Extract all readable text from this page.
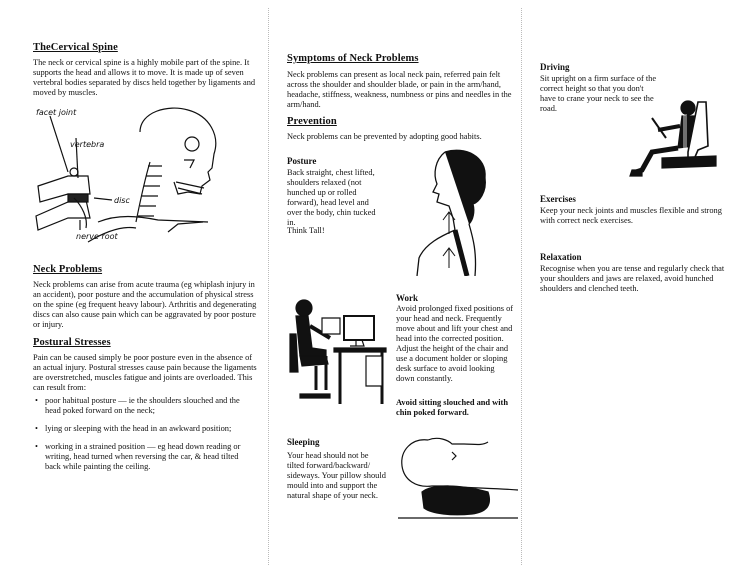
TheCervical Spine
The neck or cervical spine is a highly mobile part of the spine. It supports the head and allows it to move. It is made up of seven vertebral bodies separated by discs held together by ligaments and moved by muscles.
facet joint
vertebra
disc
nerve root
Neck Problems
Neck problems can arise from acute trauma (eg whiplash injury in an accident), poor posture and the accumulation of physical stress on the spine (eg frequent heavy labour). Arthritis and degenerating discs can also cause pain which can be aggravated by poor posture or injury.
Postural Stresses
Pain can be caused simply be poor posture even in the absence of an actual injury. Postural stresses cause pain because the ligaments are overstretched, muscles fatigue and joints are overloaded. This can result from:
• poor habitual posture — ie the shoulders slouched and the head poked forward on the neck;
• lying or sleeping with the head in an awkward position;
• working in a strained position — eg head down reading or writing, head turned when reversing the car, & head tilted back while painting the ceiling.
Symptoms of Neck Problems
Neck problems can present as local neck pain, referred pain felt across the shoulder and shoulder blade, or pain in the arm/hand, headache, stiffness, weakness, numbness or pins and needles in the arm/hand.
Prevention
Neck problems can be prevented by adopting good habits.
Posture
Back straight, chest lifted, shoulders relaxed (not hunched up or rolled forward), head level and over the body, chin tucked in.
Think Tall!
Work
Avoid prolonged fixed positions of your head and neck. Frequently move about and lift your chest and head into the corrected position. Adjust the height of the chair and use a document holder or sloping desk surface to avoid looking down constantly.
Avoid sitting slouched and with chin poked forward.
Sleeping
Your head should not be tilted forward/backward/ sideways. Your pillow should mould into and support the natural shape of your neck.
Driving
Sit upright on a firm surface of the correct height so that you don't have to crane your neck to see the road.
Exercises
Keep your neck joints and muscles flexible and strong with correct neck exercises.
Relaxation
Recognise when you are tense and regularly check that your shoulders and jaws are relaxed, avoid hunched shoulders and clenched teeth.
